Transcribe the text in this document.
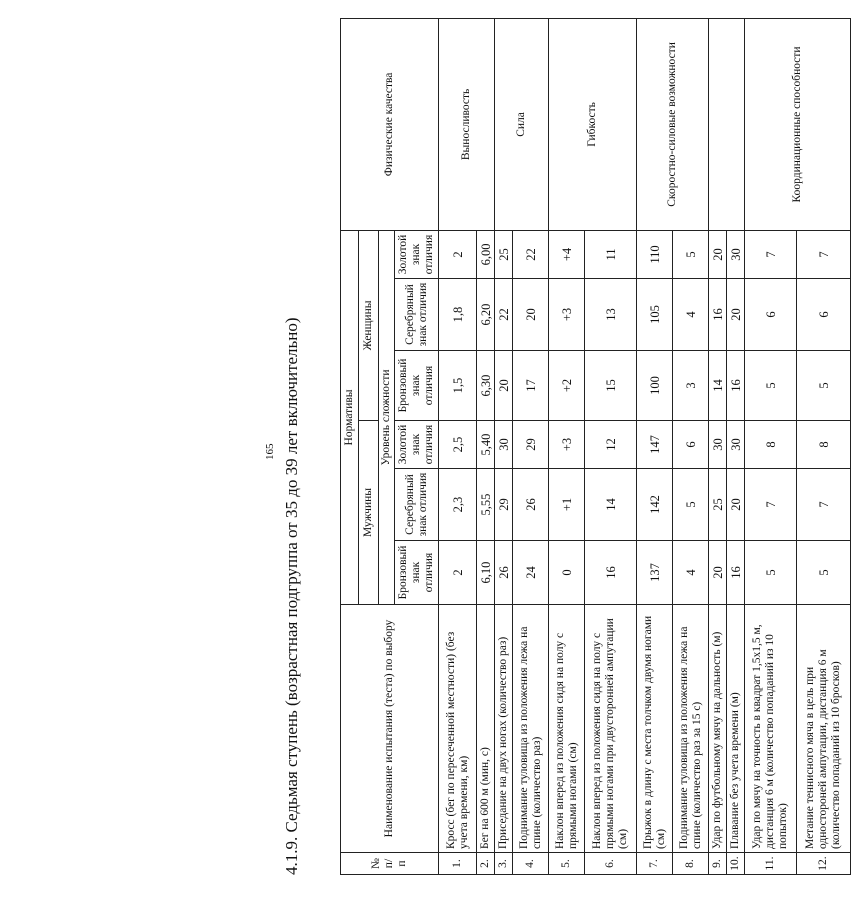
165 4.1.9. Седьмая ступень (возрастная подгруппа от 35 до 39 лет включительно)	№ п/п	Наименование испытания (теста) по выбору	Нормативы						Физические качества
		Мужчины			Женщины			
		Уровень сложности						
		Бронзовый знак отличия	Серебряный знак отличия	Золотой знак отличия	Бронзовый знак отличия	Серебряный знак отличия	Золотой знак отличия	
1.	Кросс (бег по пересеченной местности) (без учета времени, км)	2	2,3	2,5	1,5	1,8	2	Выносливость
2.	Бег на 600 м (мин, с)	6,10	5,55	5,40	6,30	6,20	6,00	
3.	Приседание на двух ногах (количество раз)	26	29	30	20	22	25	Сила
4.	Поднимание туловища из положения лежа на спине (количество раз)	24	26	29	17	20	22	
5.	Наклон вперед из положения сидя на полу с прямыми ногами (см)	0	+1	+3	+2	+3	+4	Гибкость
6.	Наклон вперед из положения сидя на полу с прямыми ногами при двусторонней ампутации (см)	16	14	12	15	13	11	
7.	Прыжок в длину с места толчком двумя ногами (см)	137	142	147	100	105	110	Скоростно-силовые возможности
8.	Поднимание туловища из положения лежа на спине (количество раз за 15 с)	4	5	6	3	4	5	
9.	Удар по футбольному мячу на дальность (м)	20	25	30	14	16	20	
10.	Плавание без учета времени (м)	16	20	30	16	20	30	
11.	Удар по мячу на точность в квадрат 1,5x1,5 м, дистанция 6 м (количество попаданий из 10 попыток)	5	7	8	5	6	7	Координационные способности
12.	Метание теннисного мяча в цель при одностороней ампутации, дистанция 6 м (количество попаданий из 10 бросков)	5	7	8	5	6	7	
